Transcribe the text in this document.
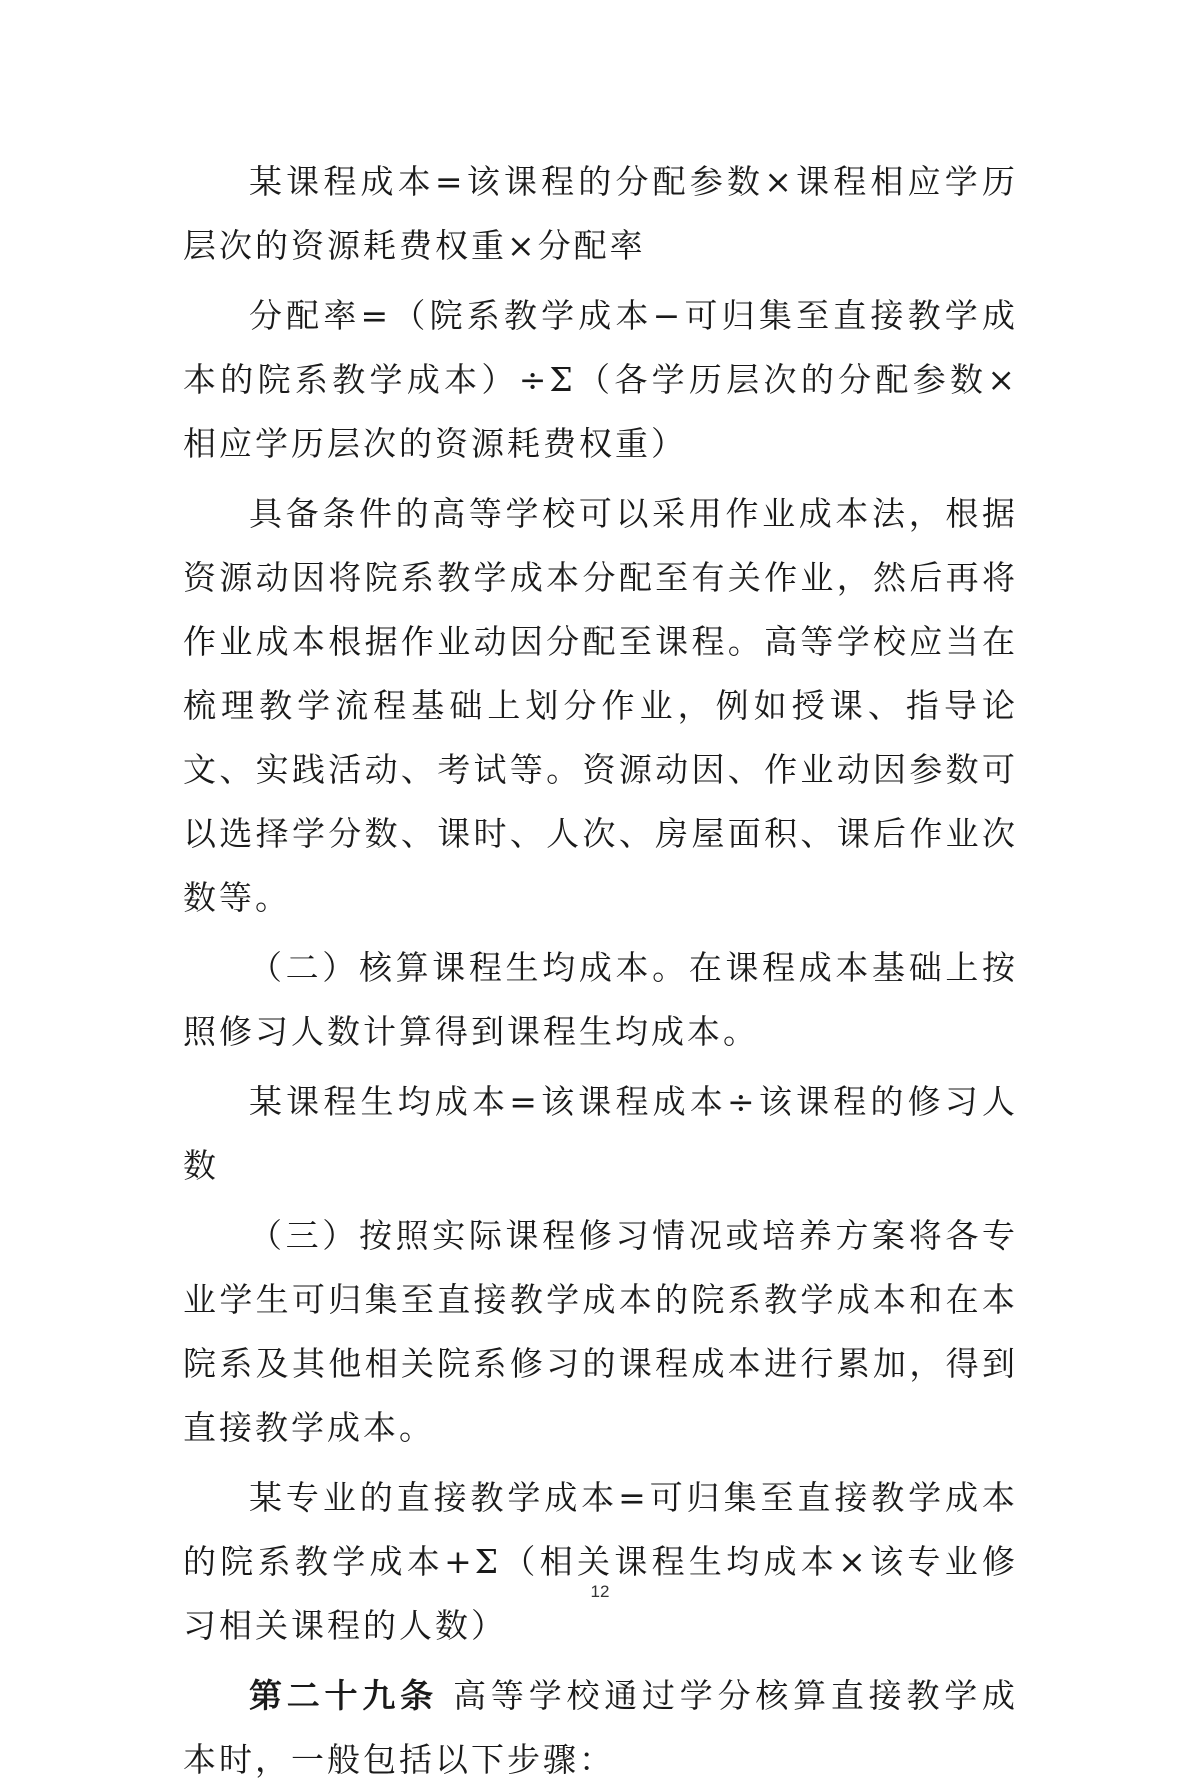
某课程成本=该课程的分配参数×课程相应学历层次的资源耗费权重×分配率

分配率=（院系教学成本−可归集至直接教学成本的院系教学成本）÷Σ（各学历层次的分配参数×相应学历层次的资源耗费权重）

具备条件的高等学校可以采用作业成本法，根据资源动因将院系教学成本分配至有关作业，然后再将作业成本根据作业动因分配至课程。高等学校应当在梳理教学流程基础上划分作业，例如授课、指导论文、实践活动、考试等。资源动因、作业动因参数可以选择学分数、课时、人次、房屋面积、课后作业次数等。

（二）核算课程生均成本。在课程成本基础上按照修习人数计算得到课程生均成本。

某课程生均成本=该课程成本÷该课程的修习人数

（三）按照实际课程修习情况或培养方案将各专业学生可归集至直接教学成本的院系教学成本和在本院系及其他相关院系修习的课程成本进行累加，得到直接教学成本。

某专业的直接教学成本=可归集至直接教学成本的院系教学成本+Σ（相关课程生均成本×该专业修习相关课程的人数）

第二十九条 高等学校通过学分核算直接教学成本时，一般包括以下步骤：

12
